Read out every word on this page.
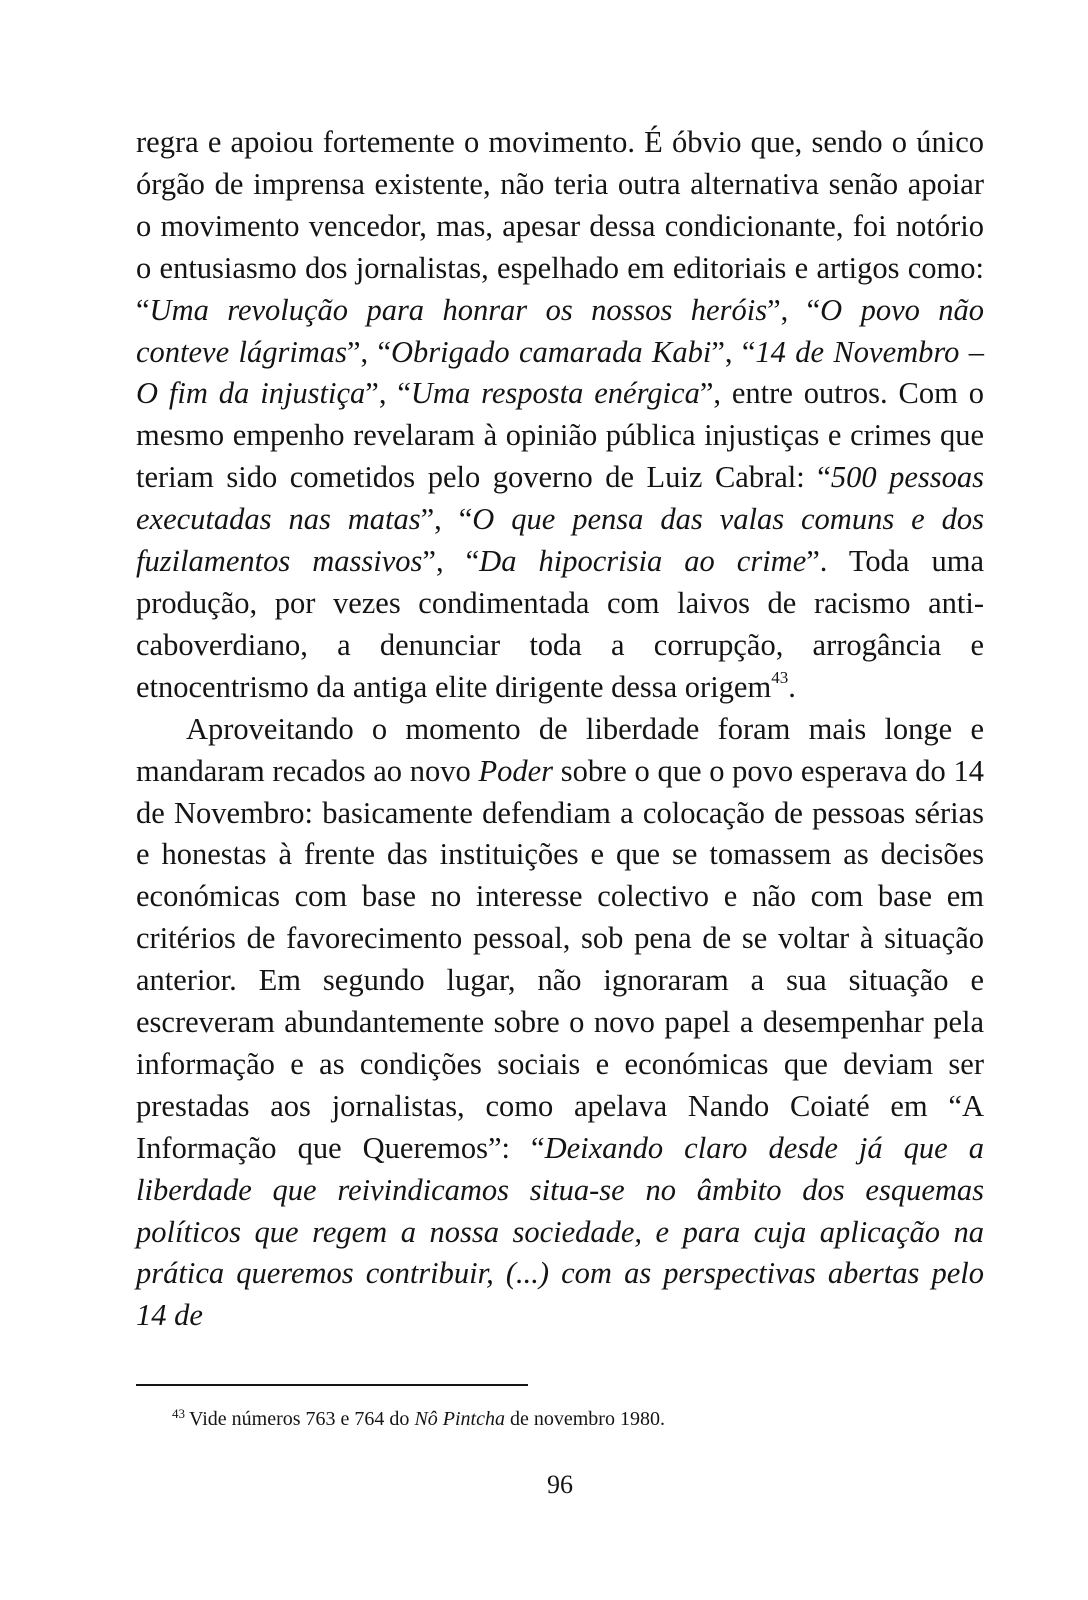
regra e apoiou fortemente o movimento. É óbvio que, sendo o único órgão de imprensa existente, não teria outra alternativa senão apoiar o movimento vencedor, mas, apesar dessa condicionante, foi notório o entusiasmo dos jornalistas, espelhado em editoriais e artigos como: “Uma revolução para honrar os nossos heróis”, “O povo não conteve lágrimas”, “Obrigado camarada Kabi”, “14 de Novembro – O fim da injustiça”, “Uma resposta enérgica”, entre outros. Com o mesmo empenho revelaram à opinião pública injustiças e crimes que teriam sido cometidos pelo governo de Luiz Cabral: “500 pessoas executadas nas matas”, “O que pensa das valas comuns e dos fuzilamentos massivos”, “Da hipocrisia ao crime”. Toda uma produção, por vezes condimentada com laivos de racismo anti-caboverdiano, a denunciar toda a corrupção, arrogância e etnocentrismo da antiga elite dirigente dessa origem$^{43}$.

Aproveitando o momento de liberdade foram mais longe e mandaram recados ao novo Poder sobre o que o povo esperava do 14 de Novembro: basicamente defendiam a colocação de pessoas sérias e honestas à frente das instituições e que se tomassem as decisões económicas com base no interesse colectivo e não com base em critérios de favorecimento pessoal, sob pena de se voltar à situação anterior. Em segundo lugar, não ignoraram a sua situação e escreveram abundantemente sobre o novo papel a desempenhar pela informação e as condições sociais e económicas que deviam ser prestadas aos jornalistas, como apelava Nando Coiaté em “A Informação que Queremos”: “Deixando claro desde já que a liberdade que reivindicamos situa-se no âmbito dos esquemas políticos que regem a nossa sociedade, e para cuja aplicação na prática queremos contribuir, (...) com as perspectivas abertas pelo 14 de

$^{43}$ Vide números 763 e 764 do Nô Pintcha de novembro 1980.
96
